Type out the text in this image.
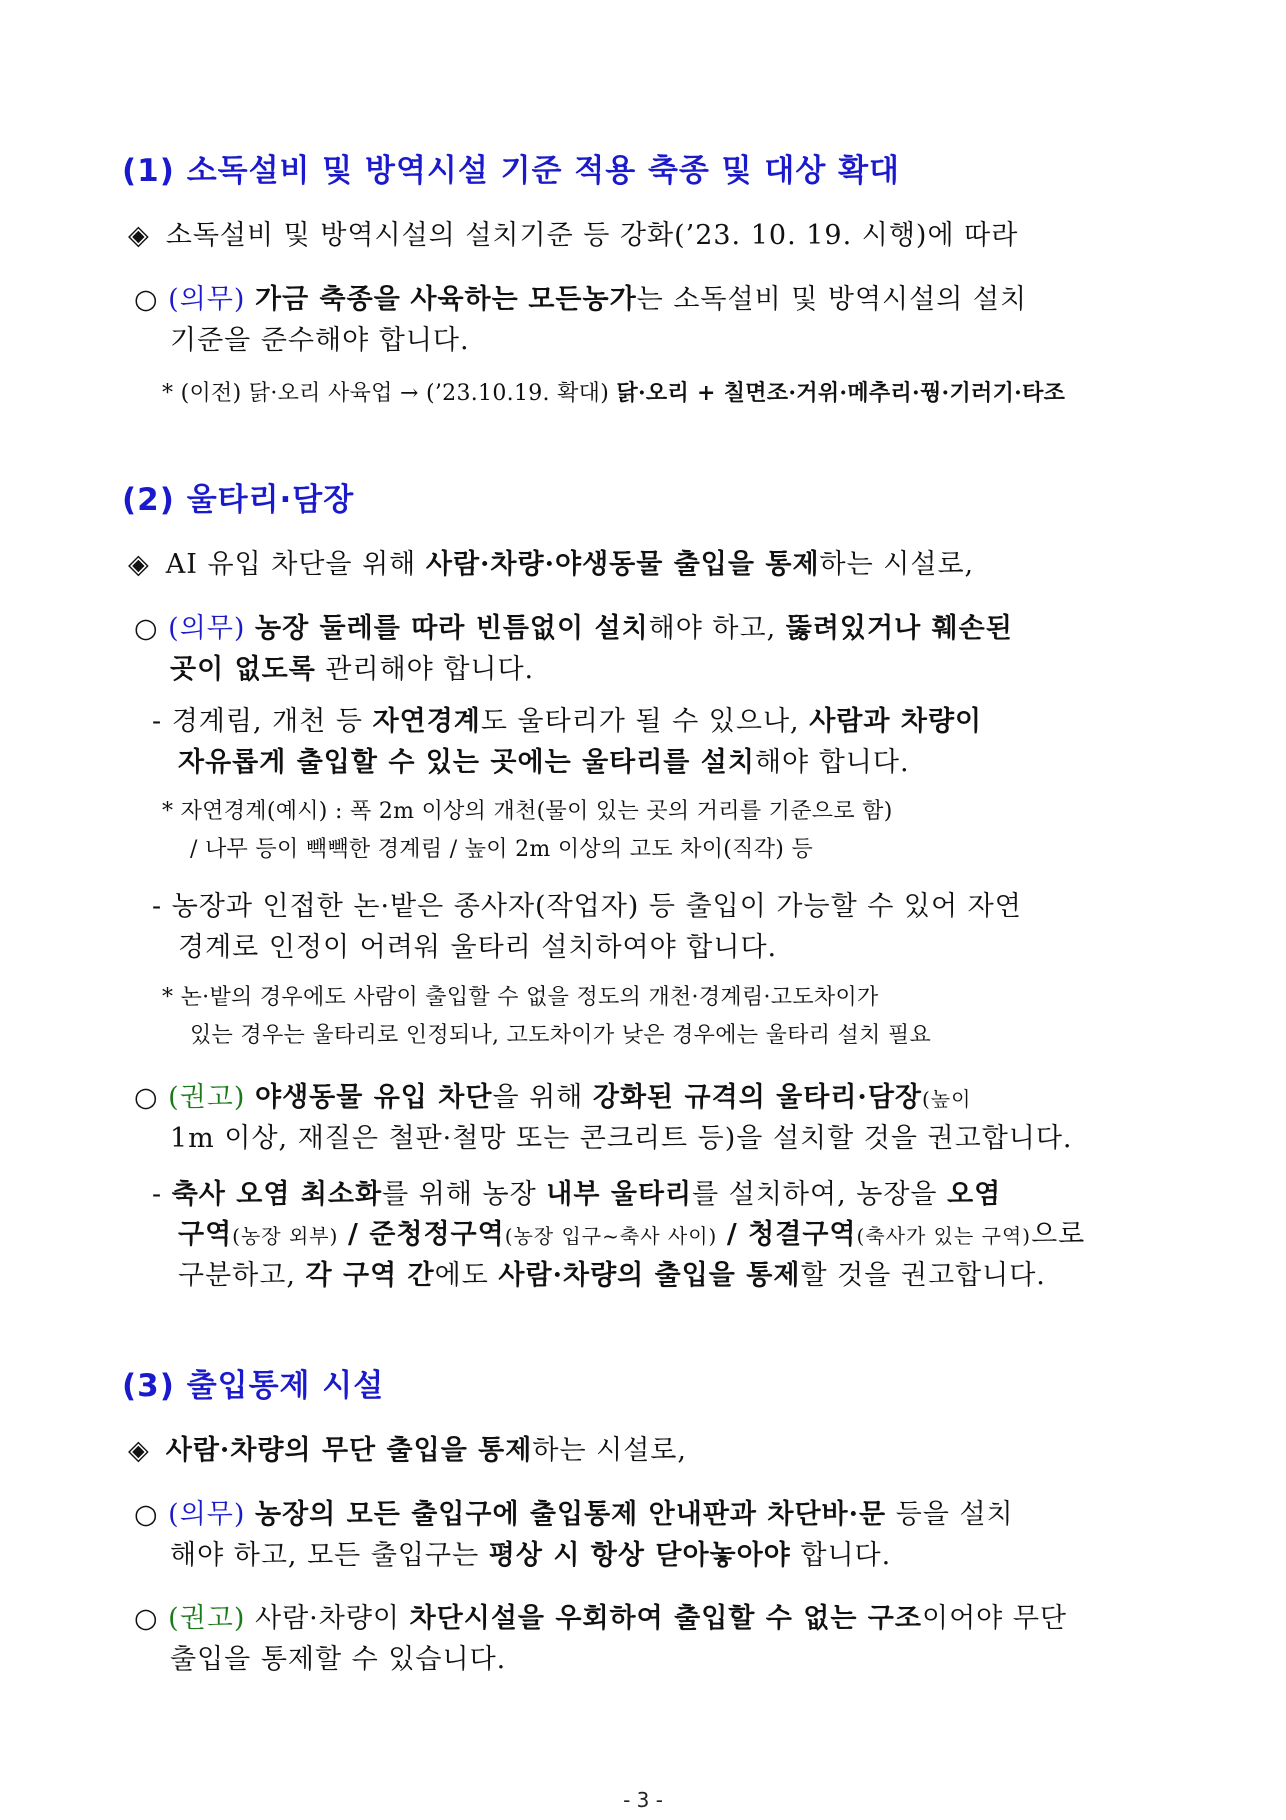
(1) 소독설비 및 방역시설 기준 적용 축종 및 대상 확대
◈ 소독설비 및 방역시설의 설치기준 등 강화(’23. 10. 19. 시행)에 따라
○ (의무) 가금 축종을 사육하는 모든농가는 소독설비 및 방역시설의 설치
기준을 준수해야 합니다.
* (이전) 닭·오리 사육업 → (’23.10.19. 확대) 닭·오리 + 칠면조·거위·메추리·꿩·기러기·타조
(2) 울타리·담장
◈ AI 유입 차단을 위해 사람·차량·야생동물 출입을 통제하는 시설로,
○ (의무) 농장 둘레를 따라 빈틈없이 설치해야 하고, 뚫려있거나 훼손된
곳이 없도록 관리해야 합니다.
- 경계림, 개천 등 자연경계도 울타리가 될 수 있으나, 사람과 차량이
자유롭게 출입할 수 있는 곳에는 울타리를 설치해야 합니다.
* 자연경계(예시) : 폭 2m 이상의 개천(물이 있는 곳의 거리를 기준으로 함)
/ 나무 등이 빽빽한 경계림 / 높이 2m 이상의 고도 차이(직각) 등
- 농장과 인접한 논·밭은 종사자(작업자) 등 출입이 가능할 수 있어 자연
경계로 인정이 어려워 울타리 설치하여야 합니다.
* 논·밭의 경우에도 사람이 출입할 수 없을 정도의 개천·경계림·고도차이가
있는 경우는 울타리로 인정되나, 고도차이가 낮은 경우에는 울타리 설치 필요
○ (권고) 야생동물 유입 차단을 위해 강화된 규격의 울타리·담장(높이
1m 이상, 재질은 철판·철망 또는 콘크리트 등)을 설치할 것을 권고합니다.
- 축사 오염 최소화를 위해 농장 내부 울타리를 설치하여, 농장을 오염
구역(농장 외부) / 준청정구역(농장 입구~축사 사이) / 청결구역(축사가 있는 구역)으로
구분하고, 각 구역 간에도 사람·차량의 출입을 통제할 것을 권고합니다.
(3) 출입통제 시설
◈ 사람·차량의 무단 출입을 통제하는 시설로,
○ (의무) 농장의 모든 출입구에 출입통제 안내판과 차단바·문 등을 설치
해야 하고, 모든 출입구는 평상 시 항상 닫아놓아야 합니다.
○ (권고) 사람·차량이 차단시설을 우회하여 출입할 수 없는 구조이어야 무단
출입을 통제할 수 있습니다.
- 3 -
